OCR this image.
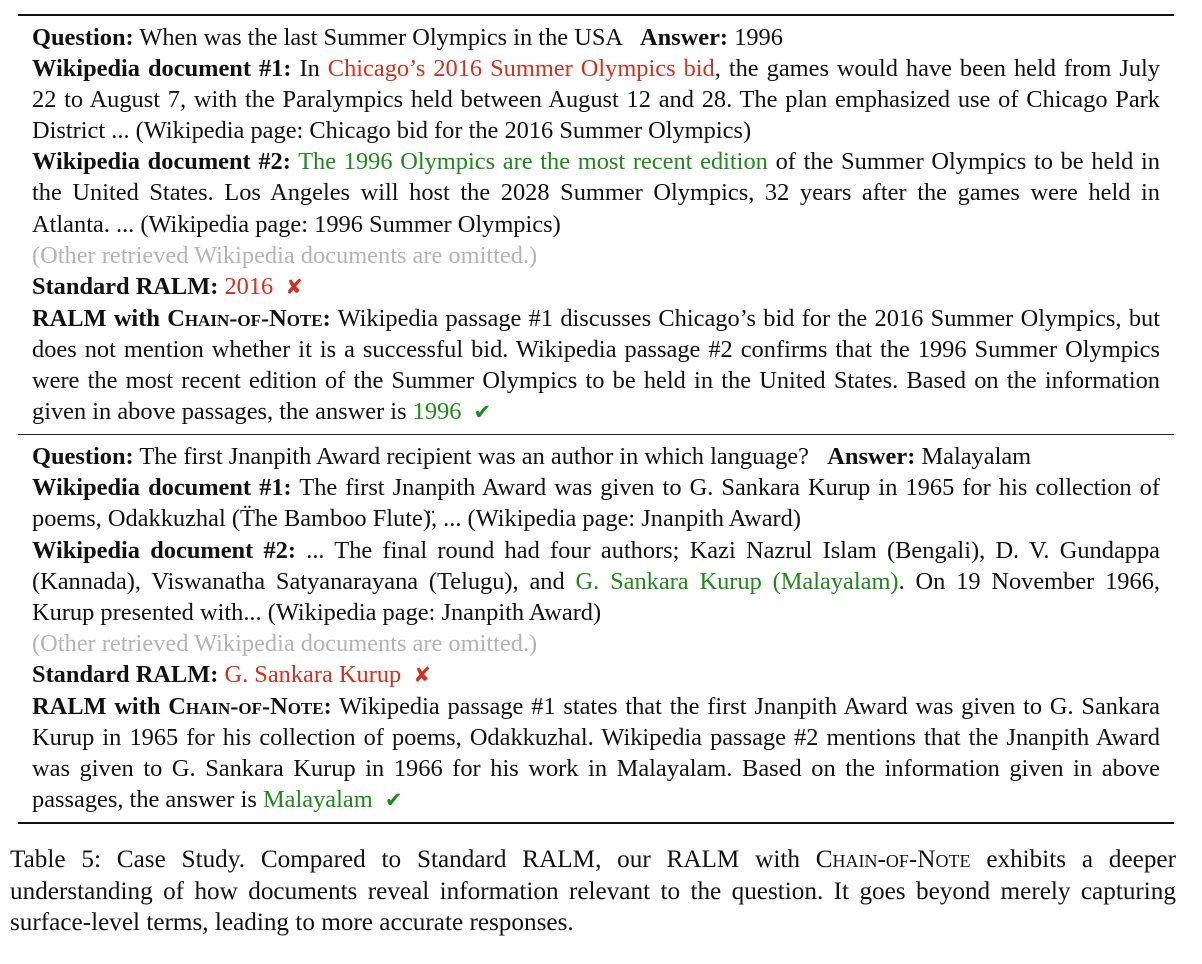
Question: When was the last Summer Olympics in the USA Answer: 1996
Wikipedia document #1: In Chicago’s 2016 Summer Olympics bid, the games would have been held from July 22 to August 7, with the Paralympics held between August 12 and 28. The plan emphasized use of Chicago Park District ... (Wikipedia page: Chicago bid for the 2016 Summer Olympics)
Wikipedia document #2: The 1996 Olympics are the most recent edition of the Summer Olympics to be held in the United States. Los Angeles will host the 2028 Summer Olympics, 32 years after the games were held in Atlanta. ... (Wikipedia page: 1996 Summer Olympics)
(Other retrieved Wikipedia documents are omitted.)
Standard RALM: 2016 ✘
RALM with Chain-of-Note: Wikipedia passage #1 discusses Chicago’s bid for the 2016 Summer Olympics, but does not mention whether it is a successful bid. Wikipedia passage #2 confirms that the 1996 Summer Olympics were the most recent edition of the Summer Olympics to be held in the United States. Based on the information given in above passages, the answer is 1996 ✔
Question: The first Jnanpith Award recipient was an author in which language? Answer: Malayalam
Wikipedia document #1: The first Jnanpith Award was given to G. Sankara Kurup in 1965 for his collection of poems, Odakkuzhal (T̈he Bamboo Flute)̈, ... (Wikipedia page: Jnanpith Award)
Wikipedia document #2: ... The final round had four authors; Kazi Nazrul Islam (Bengali), D. V. Gundappa (Kannada), Viswanatha Satyanarayana (Telugu), and G. Sankara Kurup (Malayalam). On 19 November 1966, Kurup presented with... (Wikipedia page: Jnanpith Award)
(Other retrieved Wikipedia documents are omitted.)
Standard RALM: G. Sankara Kurup ✘
RALM with Chain-of-Note: Wikipedia passage #1 states that the first Jnanpith Award was given to G. Sankara Kurup in 1965 for his collection of poems, Odakkuzhal. Wikipedia passage #2 mentions that the Jnanpith Award was given to G. Sankara Kurup in 1966 for his work in Malayalam. Based on the information given in above passages, the answer is Malayalam ✔
Table 5: Case Study. Compared to Standard RALM, our RALM with Chain-of-Note exhibits a deeper understanding of how documents reveal information relevant to the question. It goes beyond merely capturing surface-level terms, leading to more accurate responses.
